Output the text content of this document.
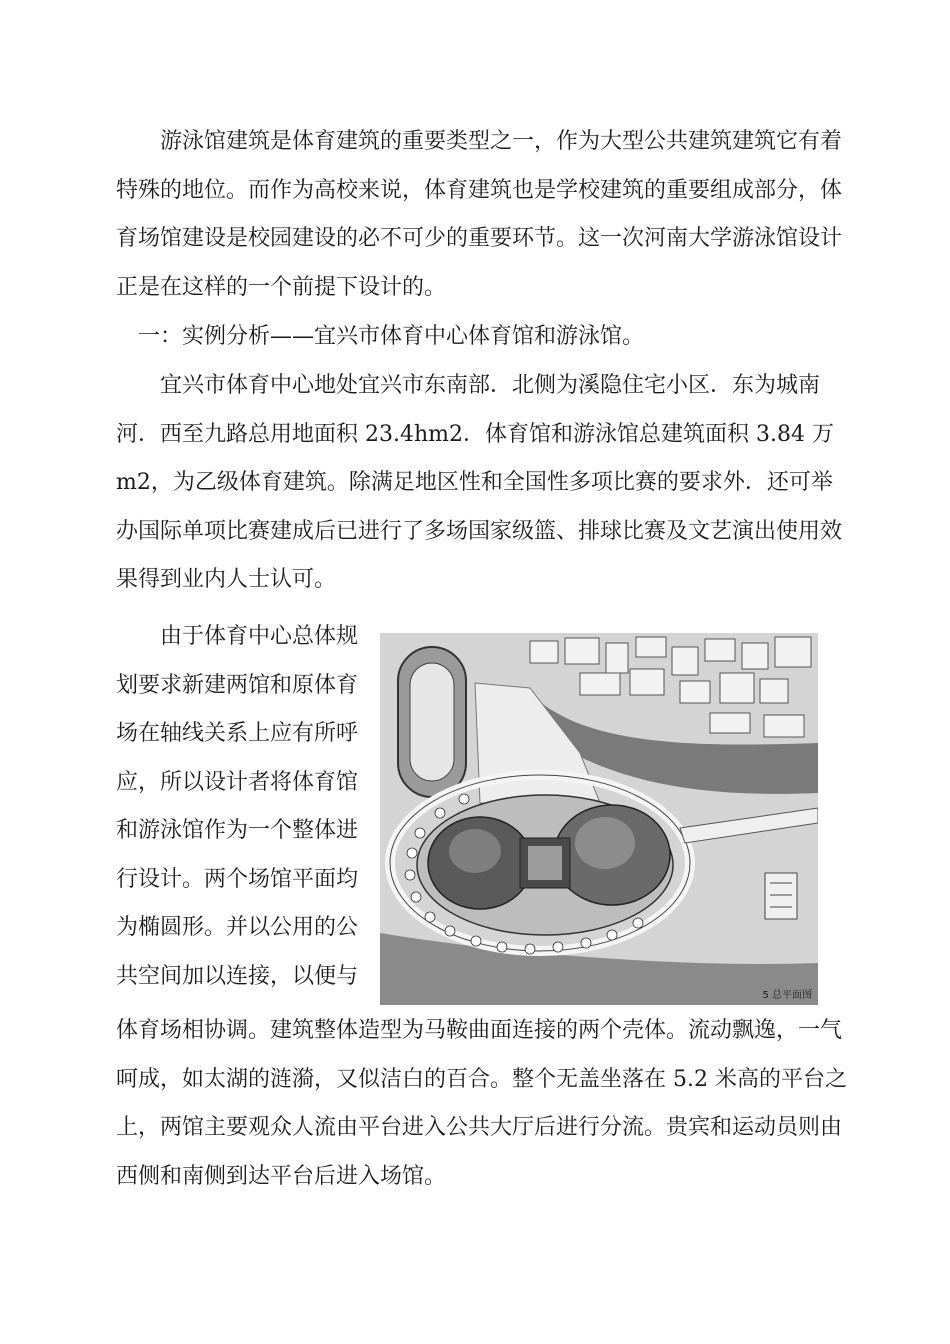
游泳馆建筑是体育建筑的重要类型之一，作为大型公共建筑建筑它有着特殊的地位。而作为高校来说，体育建筑也是学校建筑的重要组成部分，体育场馆建设是校园建设的必不可少的重要环节。这一次河南大学游泳馆设计正是在这样的一个前提下设计的。

一：实例分析——宜兴市体育中心体育馆和游泳馆。

宜兴市体育中心地处宜兴市东南部．北侧为溪隐住宅小区．东为城南河．西至九路总用地面积 23.4hm2．体育馆和游泳馆总建筑面积 3.84 万 m2，为乙级体育建筑。除满足地区性和全国性多项比赛的要求外．还可举办国际单项比赛建成后已进行了多场国家级篮、排球比赛及文艺演出使用效果得到业内人士认可。

由于体育中心总体规划要求新建两馆和原体育场在轴线关系上应有所呼应，所以设计者将体育馆和游泳馆作为一个整体进行设计。两个场馆平面均为椭圆形。并以公用的公共空间加以连接，以便与

5 总平面图

体育场相协调。建筑整体造型为马鞍曲面连接的两个壳体。流动飘逸，一气呵成，如太湖的涟漪，又似洁白的百合。整个无盖坐落在 5.2 米高的平台之上，两馆主要观众人流由平台进入公共大厅后进行分流。贵宾和运动员则由西侧和南侧到达平台后进入场馆。
